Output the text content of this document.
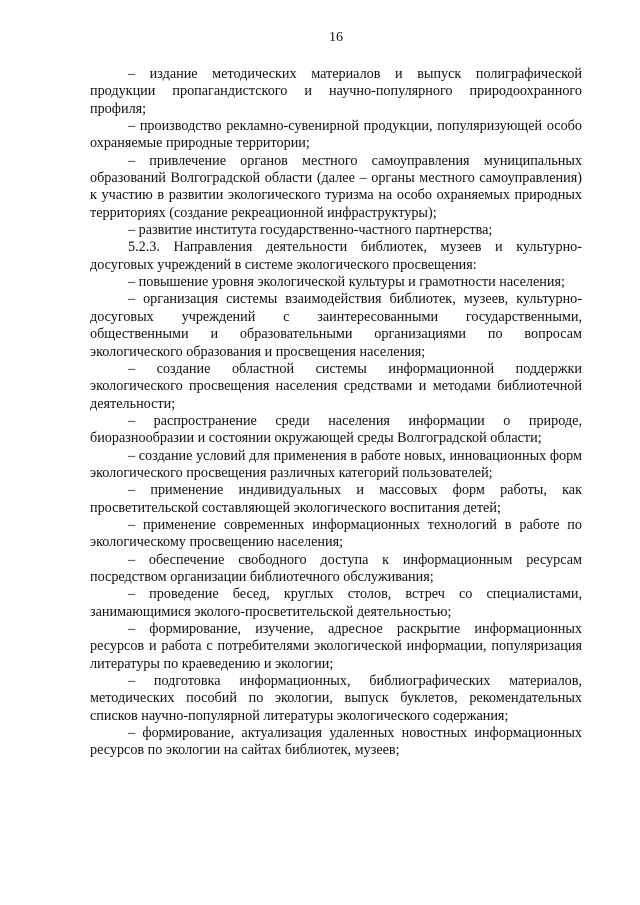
16

– издание методических материалов и выпуск полиграфической продукции пропагандистского и научно-популярного природоохранного профиля;

– производство рекламно-сувенирной продукции, популяризующей особо охраняемые природные территории;

– привлечение органов местного самоуправления муниципальных образований Волгоградской области (далее – органы местного самоуправления) к участию в развитии экологического туризма на особо охраняемых природных территориях (создание рекреационной инфраструктуры);

– развитие института государственно-частного партнерства;

5.2.3. Направления деятельности библиотек, музеев и культурно-досуговых учреждений в системе экологического просвещения:

– повышение уровня экологической культуры и грамотности населения;

– организация системы взаимодействия библиотек, музеев, культурно-досуговых учреждений с заинтересованными государственными, общественными и образовательными организациями по вопросам экологического образования и просвещения населения;

– создание областной системы информационной поддержки экологического просвещения населения средствами и методами библиотечной деятельности;

– распространение среди населения информации о природе, биоразнообразии и состоянии окружающей среды Волгоградской области;

– создание условий для применения в работе новых, инновационных форм экологического просвещения различных категорий пользователей;

– применение индивидуальных и массовых форм работы, как просветительской составляющей экологического воспитания детей;

– применение современных информационных технологий в работе по экологическому просвещению населения;

– обеспечение свободного доступа к информационным ресурсам посредством организации библиотечного обслуживания;

– проведение бесед, круглых столов, встреч со специалистами, занимающимися эколого-просветительской деятельностью;

– формирование, изучение, адресное раскрытие информационных ресурсов и работа с потребителями экологической информации, популяризация литературы по краеведению и экологии;

– подготовка информационных, библиографических материалов, методических пособий по экологии, выпуск буклетов, рекомендательных списков научно-популярной литературы экологического содержания;

– формирование, актуализация удаленных новостных информационных ресурсов по экологии на сайтах библиотек, музеев;
